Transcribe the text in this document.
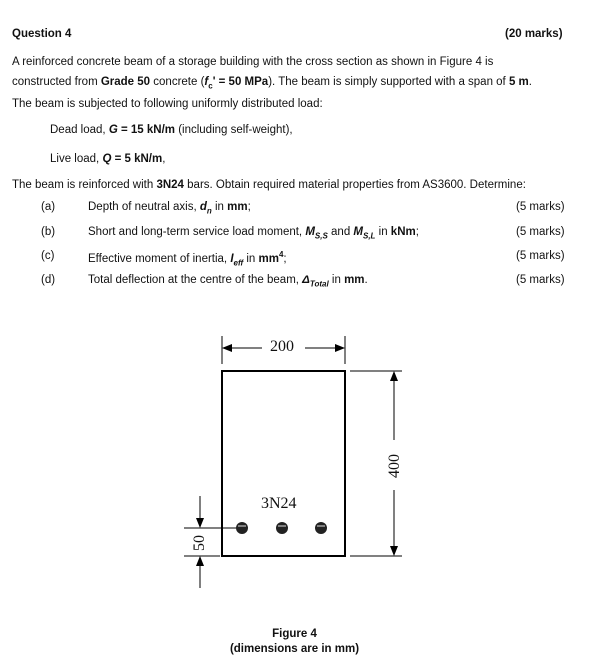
Question 4	(20 marks)
A reinforced concrete beam of a storage building with the cross section as shown in Figure 4 is
constructed from Grade 50 concrete ($f_c' = 50$ MPa). The beam is simply supported with a span of 5 m.
The beam is subjected to following uniformly distributed load:
Dead load, G = 15 kN/m (including self-weight),
Live load, Q = 5 kN/m,
The beam is reinforced with 3N24 bars. Obtain required material properties from AS3600. Determine:
(a)	Depth of neutral axis, $d_n$ in mm;	(5 marks)
(b)	Short and long-term service load moment, $M_{S,S}$ and $M_{S,L}$ in kNm;	(5 marks)
(c)	Effective moment of inertia, $I_{eff}$ in $mm^4$;	(5 marks)
(d)	Total deflection at the centre of the beam, $\Delta_{Total}$ in mm.	(5 marks)
200
400
50
3N24
Figure 4
(dimensions are in mm)
